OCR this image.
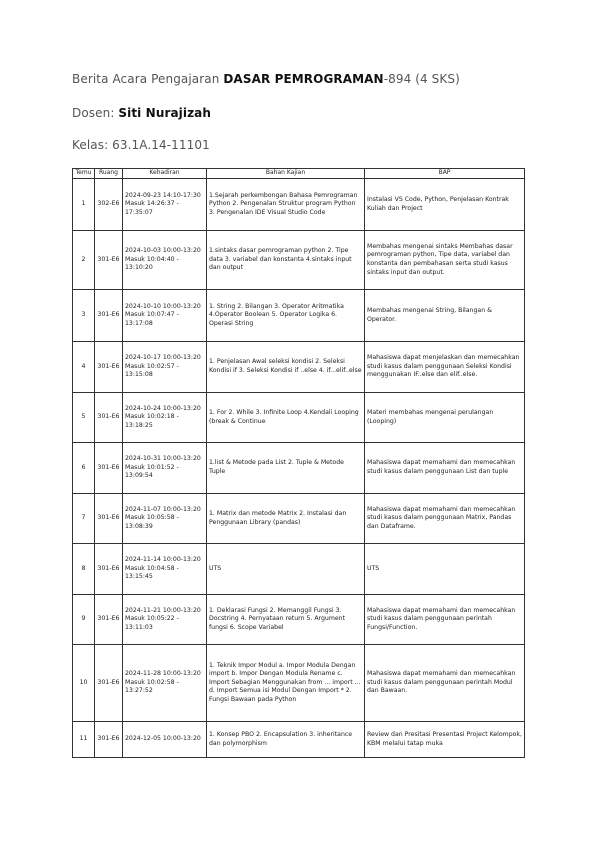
Berita Acara Pengajaran DASAR PEMROGRAMAN-894 (4 SKS)
Dosen: Siti Nurajizah
Kelas: 63.1A.14-11101
Temu	Ruang	Kehadiran	Bahan Kajian	BAP
1	302-E6	2024-09-23 14:10-17:30 Masuk 14:26:37 - 17:35:07	1.Sejarah perkembongan Bahasa Pemrograman Python 2. Pengenalan Struktur program Python 3. Pengenalan IDE Visual Studio Code	Instalasi VS Code, Python, Penjelasan Kontrak Kuliah dan Project
2	301-E6	2024-10-03 10:00-13:20 Masuk 10:04:40 - 13:10:20	1.sintaks dasar pemrograman python 2. Tipe data 3. variabel dan konstanta 4.sintaks input dan output	Membahas mengenai sintaks Membahas dasar pemrograman python, Tipe data, variabel dan konstanta dan pembahasan serta studi kasus sintaks input dan output.
3	301-E6	2024-10-10 10:00-13:20 Masuk 10:07:47 - 13:17:08	1. String 2. Bilangan 3. Operator Aritmatika 4.Operator Boolean 5. Operator Logika 6. Operasi String	Membahas mengenai String, Bilangan & Operator.
4	301-E6	2024-10-17 10:00-13:20 Masuk 10:02:57 - 13:15:08	1. Penjelasan Awal seleksi kondisi 2. Seleksi Kondisi if 3. Seleksi Kondisi if ..else 4. if...elif..else	Mahasiswa dapat menjelaskan dan memecahkan studi kasus dalam penggunaan Seleksi Kondisi menggunakan IF..else dan elif..else.
5	301-E6	2024-10-24 10:00-13:20 Masuk 10:02:18 - 13:18:25	1. For 2. While 3. Infinite Loop 4.Kendali Looping (break & Continue	Materi membahas mengenai perulangan (Looping)
6	301-E6	2024-10-31 10:00-13:20 Masuk 10:01:52 - 13:09:54	1.list & Metode pada List 2. Tuple & Metode Tuple	Mahasiswa dapat memahami dan memecahkan studi kasus dalam penggunaan List dan tuple
7	301-E6	2024-11-07 10:00-13:20 Masuk 10:05:58 - 13:08:39	1. Matrix dan metode Matrix 2. Instalasi dan Penggunaan Library (pandas)	Mahasiswa dapat memahami dan memecahkan studi kasus dalam penggunaan Matrix, Pandas dan Dataframe.
8	301-E6	2024-11-14 10:00-13:20 Masuk 10:04:58 - 13:15:45	UTS	UTS
9	301-E6	2024-11-21 10:00-13:20 Masuk 10:05:22 - 13:11:03	1. Deklarasi Fungsi 2. Memanggil Fungsi 3. Docstring 4. Pernyataan return 5. Argument fungsi 6. Scope Variabel	Mahasiswa dapat memahami dan memecahkan studi kasus dalam penggunaan perintah Fungsi/Function.
10	301-E6	2024-11-28 10:00-13:20 Masuk 10:02:58 - 13:27:52	1. Teknik Impor Modul a. Impor Modula Dengan import b. Impor Dengan Modula Rename c. Import Sebagian Menggunakan from ... import ... d. Import Semua isi Modul Dengan Import * 2. Fungsi Bawaan pada Python	Mahasiswa dapat memahami dan memecahkan studi kasus dalam penggunaan perintah Modul dan Bawaan.
11	301-E6	2024-12-05 10:00-13:20	1. Konsep PBO 2. Encapsulation 3. inheritance dan polymorphism	Review dan Presitasi Presentasi Project Kelompok, KBM melalui tatap muka
